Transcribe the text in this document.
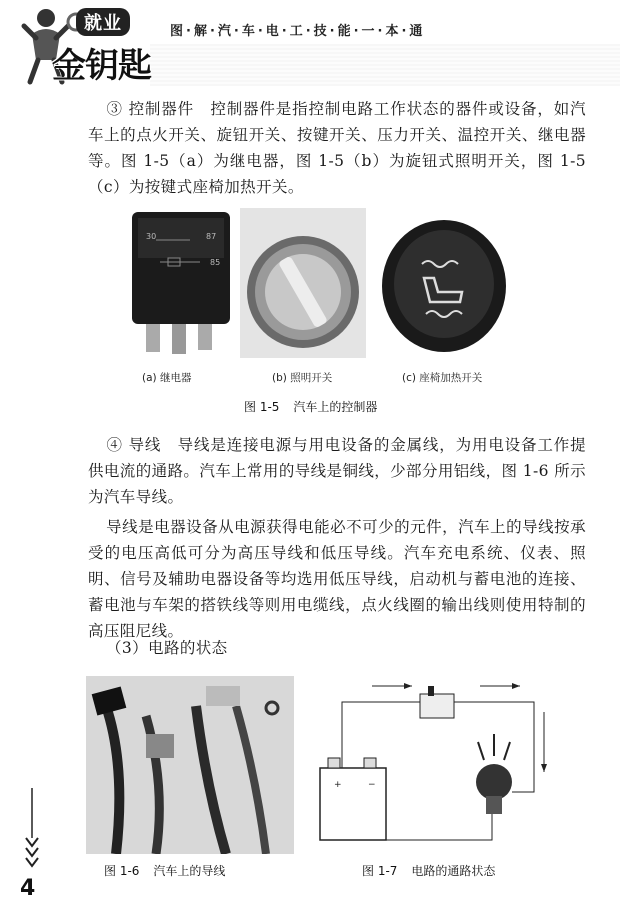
就业
金钥匙
图·解·汽·车·电·工·技·能·一·本·通

③ 控制器件　控制器件是指控制电路工作状态的器件或设备，如汽车上的点火开关、旋钮开关、按键开关、压力开关、温控开关、继电器等。图 1-5（a）为继电器，图 1-5（b）为旋钮式照明开关，图 1-5（c）为按键式座椅加热开关。

30	87
85
(a) 继电器	(b) 照明开关	(c) 座椅加热开关
图 1-5 汽车上的控制器

④ 导线　导线是连接电源与用电设备的金属线，为用电设备工作提供电流的通路。汽车上常用的导线是铜线，少部分用铝线，图 1-6 所示为汽车导线。

导线是电器设备从电源获得电能必不可少的元件，汽车上的导线按承受的电压高低可分为高压导线和低压导线。汽车充电系统、仪表、照明、信号及辅助电器设备等均选用低压导线，启动机与蓄电池的连接、蓄电池与车架的搭铁线等则用电缆线，点火线圈的输出线则使用特制的高压阻尼线。

（3）电路的状态

图 1-6 汽车上的导线
+	−
图 1-7 电路的通路状态
4
